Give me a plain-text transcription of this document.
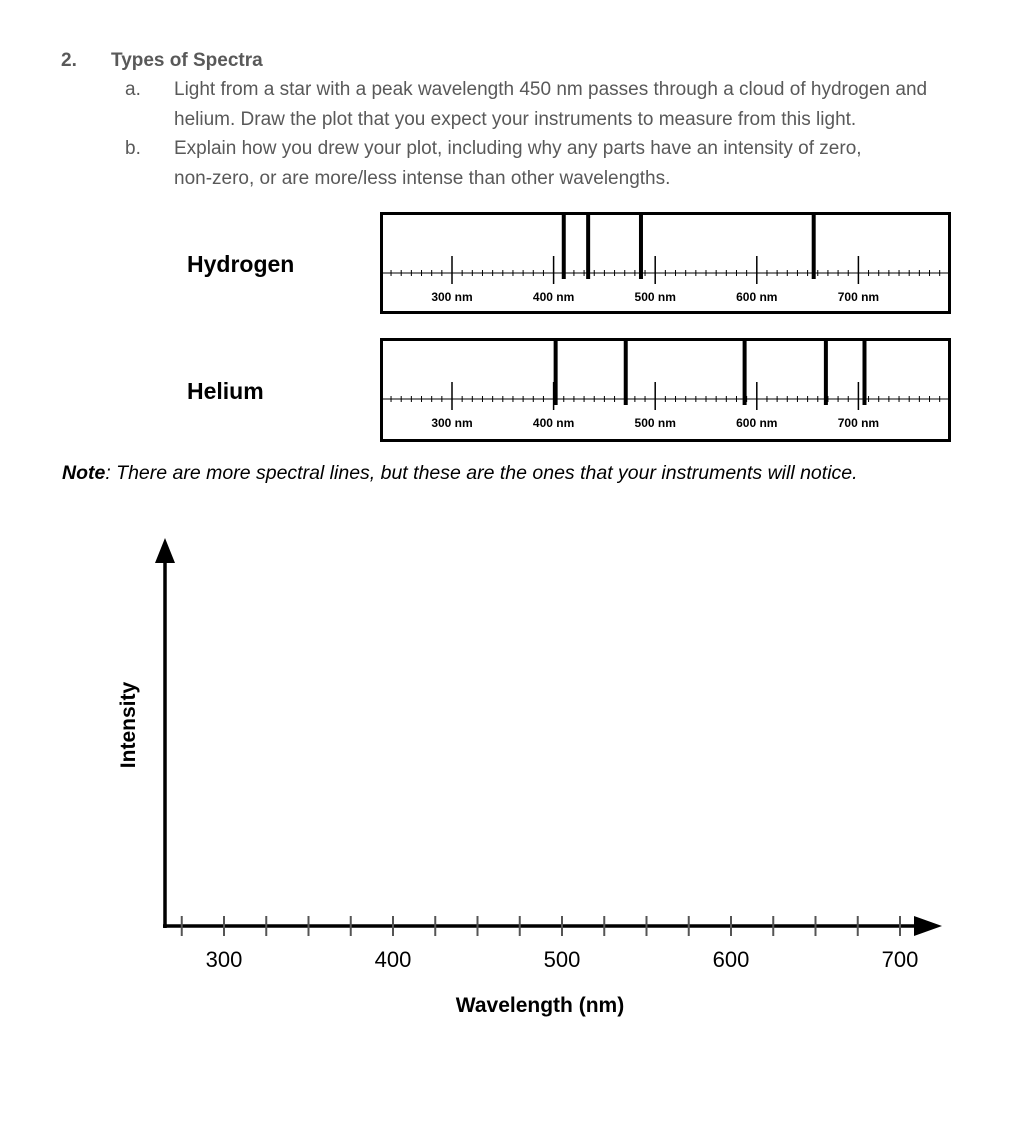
2. Types of Spectra
a. Light from a star with a peak wavelength 450 nm passes through a cloud of hydrogen and
helium. Draw the plot that you expect your instruments to measure from this light.
b. Explain how you drew your plot, including why any parts have an intensity of zero,
non-zero, or are more/less intense than other wavelengths.
Hydrogen
300 nm	400 nm	500 nm	600 nm	700 nm
Helium
300 nm	400 nm	500 nm	600 nm	700 nm
Note: There are more spectral lines, but these are the ones that your instruments will notice.
300	400	500	600	700
Intensity
Wavelength (nm)
